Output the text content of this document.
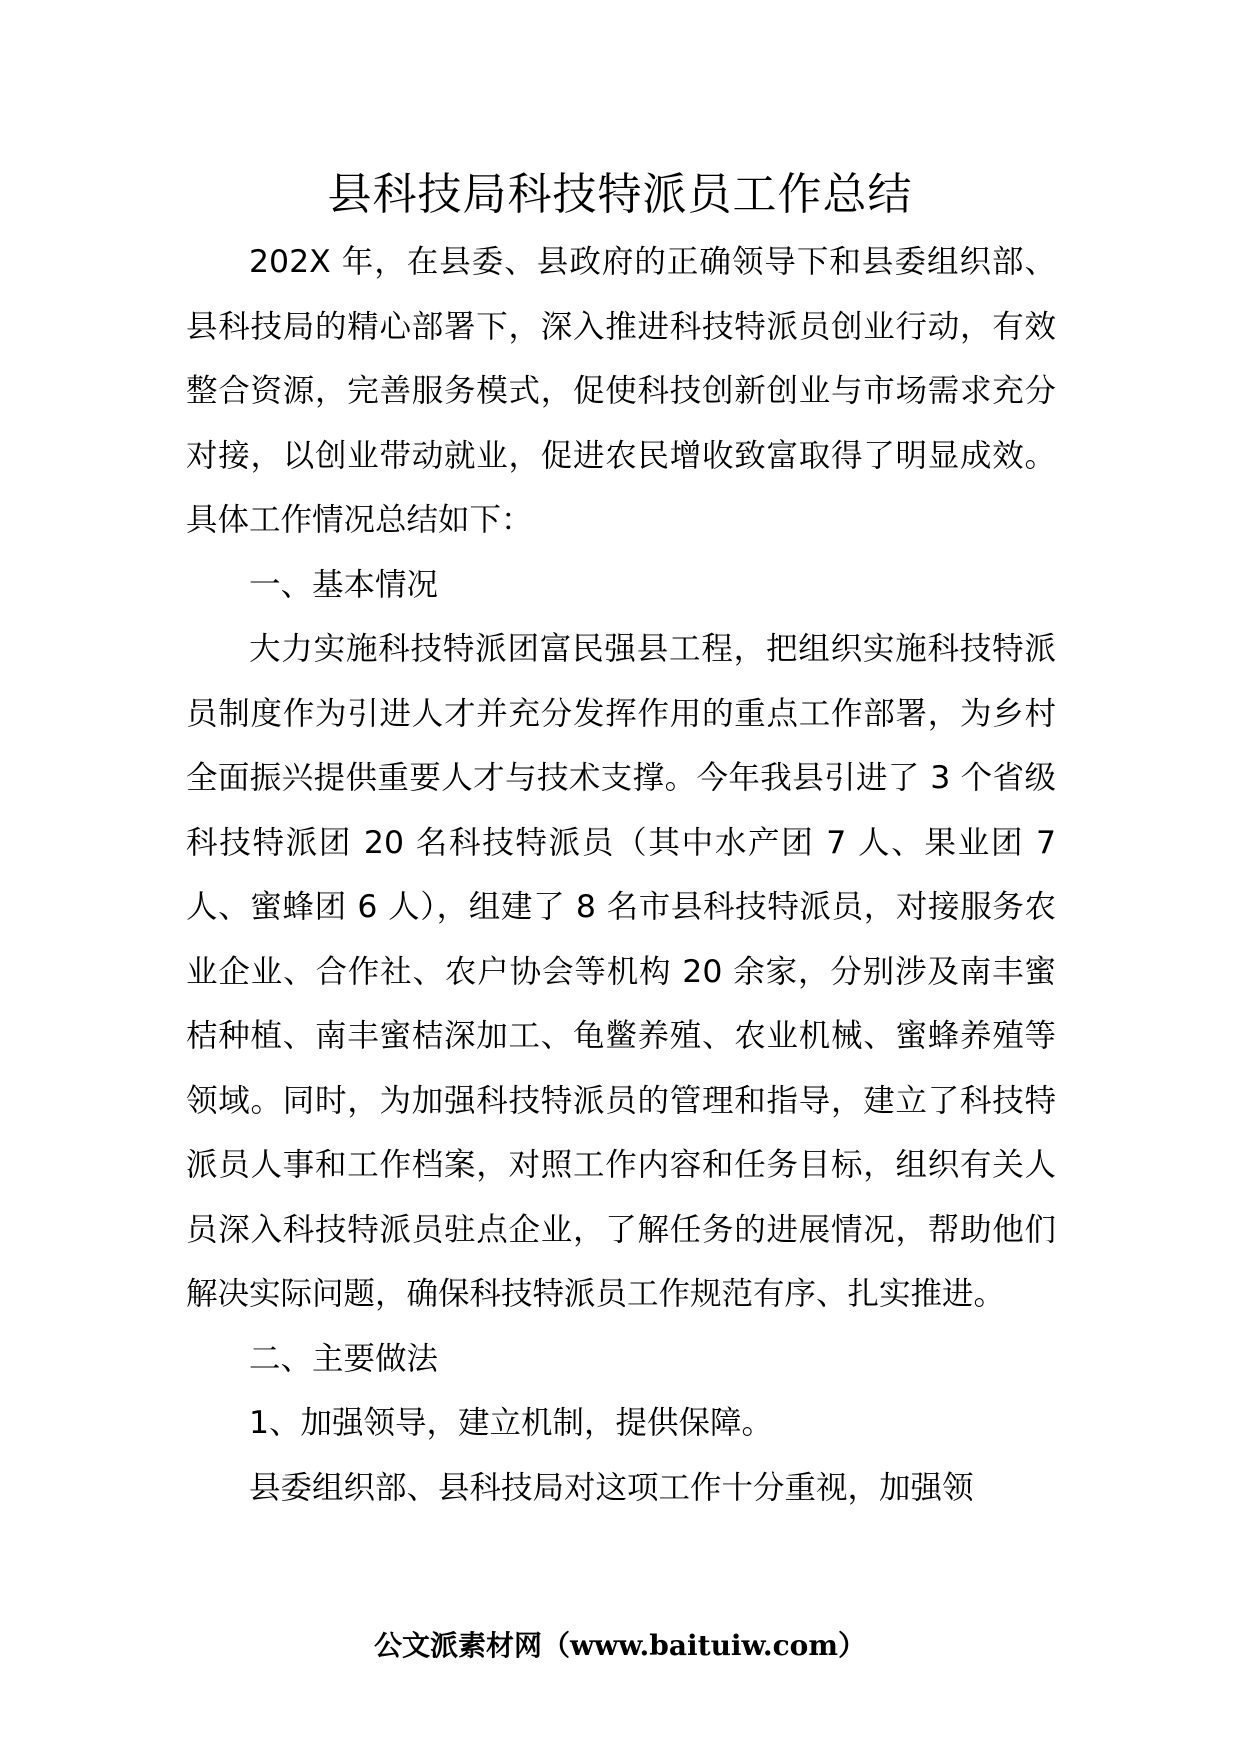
县科技局科技特派员工作总结

202X 年，在县委、县政府的正确领导下和县委组织部、县科技局的精心部署下，深入推进科技特派员创业行动，有效整合资源，完善服务模式，促使科技创新创业与市场需求充分对接，以创业带动就业，促进农民增收致富取得了明显成效。具体工作情况总结如下：

一、基本情况

大力实施科技特派团富民强县工程，把组织实施科技特派员制度作为引进人才并充分发挥作用的重点工作部署，为乡村全面振兴提供重要人才与技术支撑。今年我县引进了 3 个省级科技特派团 20 名科技特派员（其中水产团 7 人、果业团 7 人、蜜蜂团 6 人），组建了 8 名市县科技特派员，对接服务农业企业、合作社、农户协会等机构 20 余家，分别涉及南丰蜜桔种植、南丰蜜桔深加工、龟鳖养殖、农业机械、蜜蜂养殖等领域。同时，为加强科技特派员的管理和指导，建立了科技特派员人事和工作档案，对照工作内容和任务目标，组织有关人员深入科技特派员驻点企业，了解任务的进展情况，帮助他们解决实际问题，确保科技特派员工作规范有序、扎实推进。

二、主要做法

1、加强领导，建立机制，提供保障。

县委组织部、县科技局对这项工作十分重视，加强领

公文派素材网（www.baituiw.com）
